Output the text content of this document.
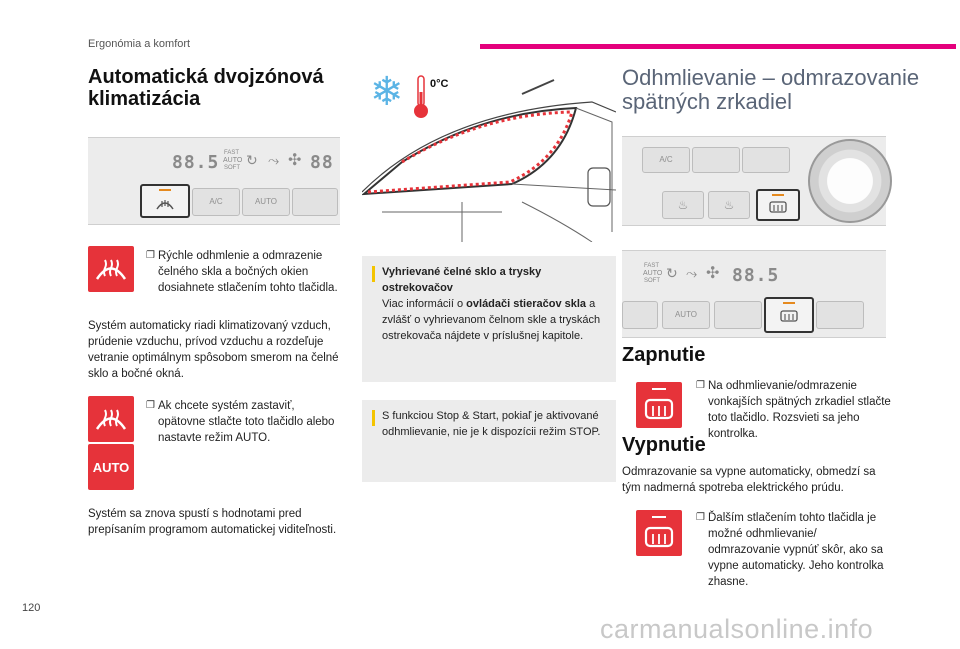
Ergonómia a komfort
Automatická dvojzónová klimatizácia
88.5 FAST
AUTO
SOFT ↻ ⤳ ✣ 88
A/C	AUTO
❐ Rýchle odhmlenie a odmrazenie čelného skla a bočných okien dosiahnete stlačením tohto tlačidla.
Systém automaticky riadi klimatizovaný vzduch, prúdenie vzduchu, prívod vzduchu a rozdeľuje vetranie optimálnym spôsobom smerom na čelné sklo a bočné okná.
AUTO
❐ Ak chcete systém zastaviť, opätovne stlačte toto tlačidlo alebo nastavte režim AUTO.
Systém sa znova spustí s hodnotami pred prepísaním programom automatickej viditeľnosti.
❄ 0°C
Vyhrievané čelné sklo a trysky ostrekovačov
Viac informácií o ovládači stieračov skla a zvlášť o vyhrievanom čelnom skle a tryskách ostrekovača nájdete v príslušnej kapitole.
S funkciou Stop & Start, pokiaľ je aktivované odhmlievanie, nie je k dispozícii režim STOP.
Odhmlievanie – odmrazovanie spätných zrkadiel
A/C
♨	♨
FAST
AUTO
SOFT ↻ ⤳ ✣ 88.5
AUTO
Zapnutie
❐ Na odhmlievanie/odmrazenie vonkajších spätných zrkadiel stlačte toto tlačidlo. Rozsvieti sa jeho kontrolka.
Vypnutie
Odmrazovanie sa vypne automaticky, obmedzí sa tým nadmerná spotreba elektrického prúdu.
❐ Ďalším stlačením tohto tlačidla je možné odhmlievanie/ odmrazovanie vypnúť skôr, ako sa vypne automaticky. Jeho kontrolka zhasne.
120
carmanualsonline.info
